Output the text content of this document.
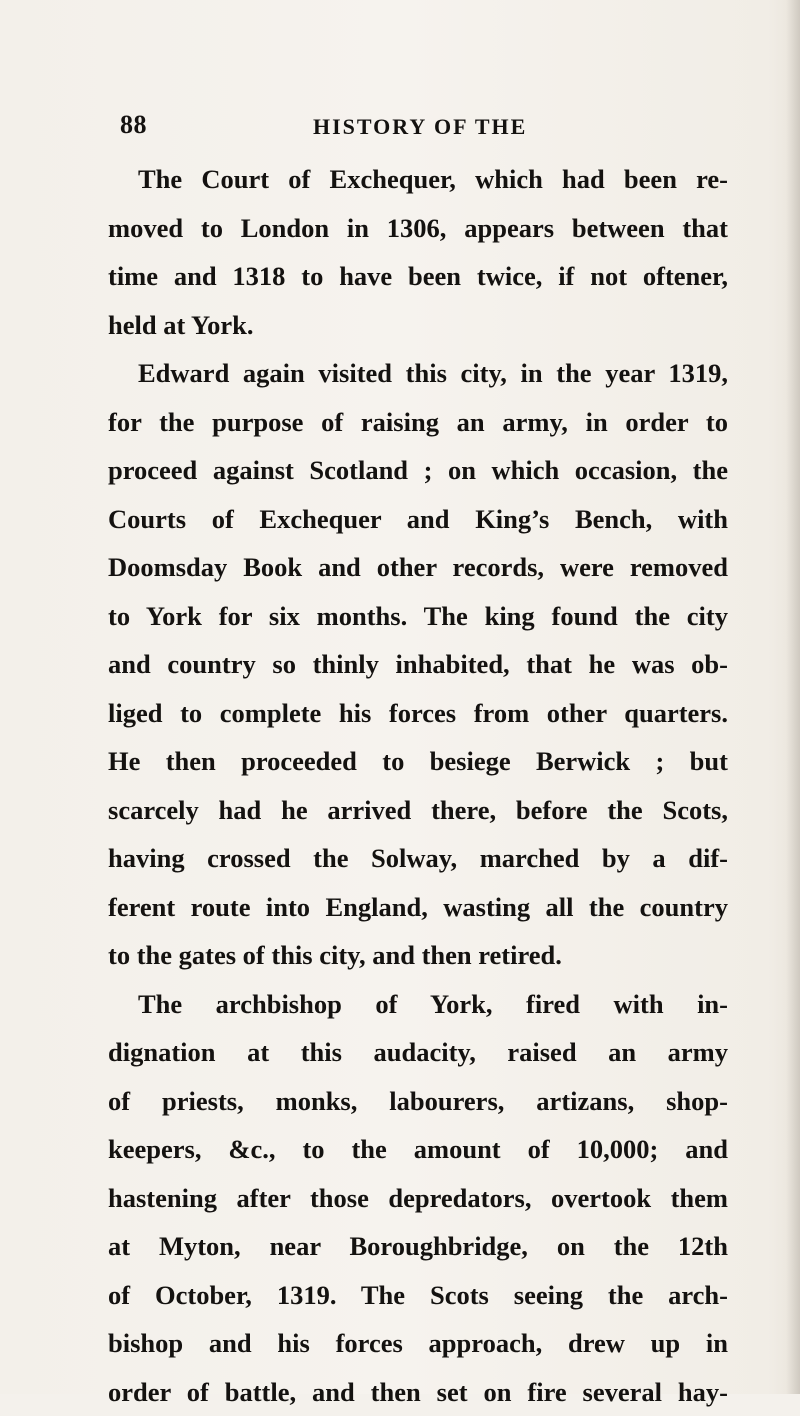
88	HISTORY OF THE
The Court of Exchequer, which had been re-
moved to London in 1306, appears between that
time and 1318 to have been twice, if not oftener,
held at York.
Edward again visited this city, in the year 1319,
for the purpose of raising an army, in order to
proceed against Scotland ; on which occasion, the
Courts of Exchequer and King’s Bench, with
Doomsday Book and other records, were removed
to York for six months. The king found the city
and country so thinly inhabited, that he was ob-
liged to complete his forces from other quarters.
He then proceeded to besiege Berwick ; but
scarcely had he arrived there, before the Scots,
having crossed the Solway, marched by a dif-
ferent route into England, wasting all the country
to the gates of this city, and then retired.
The archbishop of York, fired with in-
dignation at this audacity, raised an army
of priests, monks, labourers, artizans, shop-
keepers, &c., to the amount of 10,000; and
hastening after those depredators, overtook them
at Myton, near Boroughbridge, on the 12th
of October, 1319. The Scots seeing the arch-
bishop and his forces approach, drew up in
order of battle, and then set on fire several hay-
